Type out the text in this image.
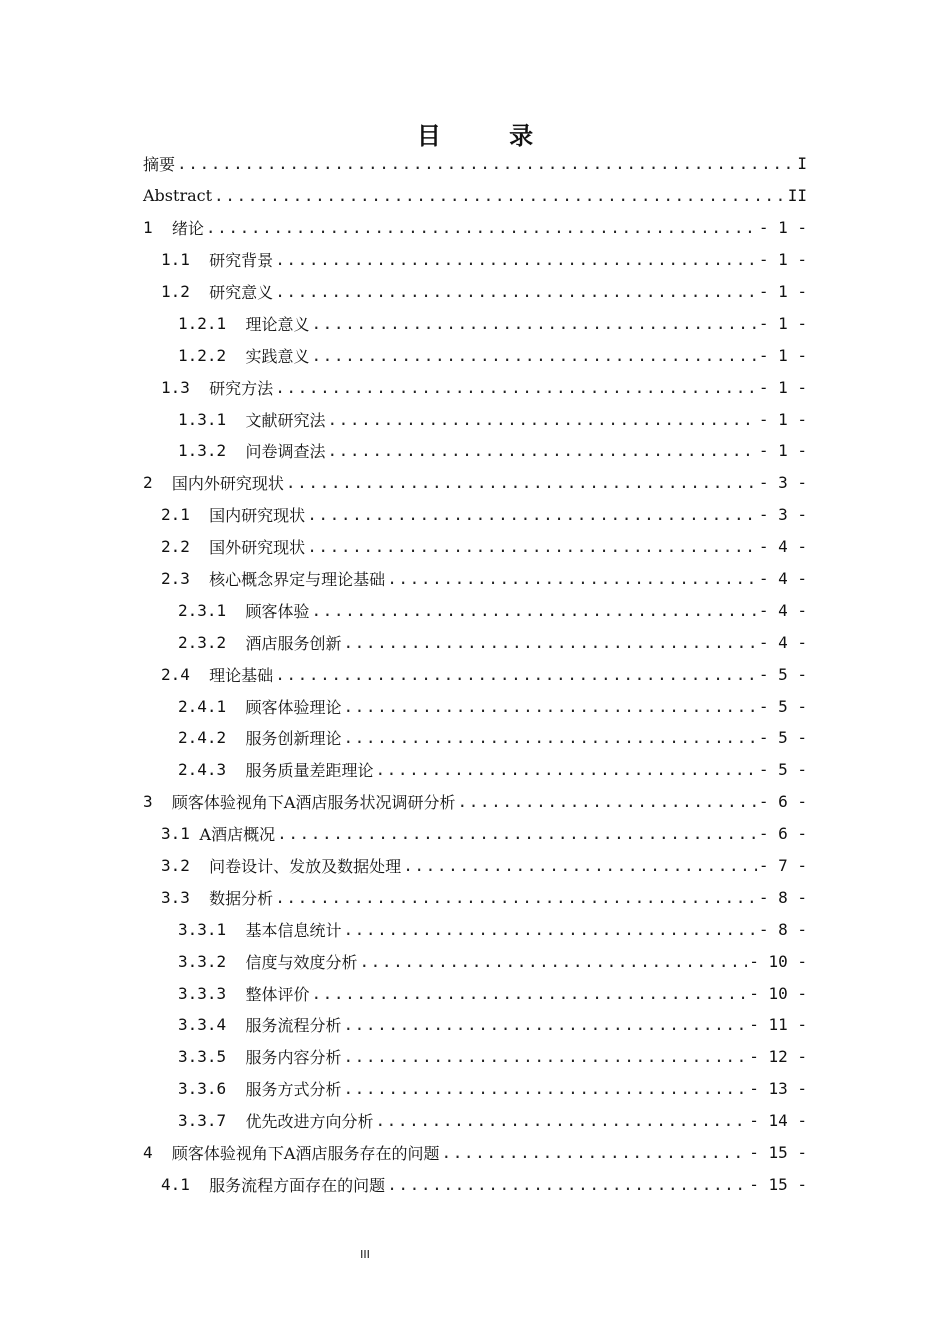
目 录
摘要 .....	I
Abstract .....	II
1 绪论 .....	- 1 -
1.1 研究背景 .....	- 1 -
1.2 研究意义 .....	- 1 -
1.2.1 理论意义 .....	- 1 -
1.2.2 实践意义 .....	- 1 -
1.3 研究方法 .....	- 1 -
1.3.1 文献研究法 .....	- 1 -
1.3.2 问卷调查法 .....	- 1 -
2 国内外研究现状 .....	- 3 -
2.1 国内研究现状 .....	- 3 -
2.2 国外研究现状 .....	- 4 -
2.3 核心概念界定与理论基础 .....	- 4 -
2.3.1 顾客体验 .....	- 4 -
2.3.2 酒店服务创新 .....	- 4 -
2.4 理论基础 .....	- 5 -
2.4.1 顾客体验理论 .....	- 5 -
2.4.2 服务创新理论 .....	- 5 -
2.4.3 服务质量差距理论 .....	- 5 -
3 顾客体验视角下A酒店服务状况调研分析 .....	- 6 -
3.1 A酒店概况 .....	- 6 -
3.2 问卷设计、发放及数据处理 .....	- 7 -
3.3 数据分析 .....	- 8 -
3.3.1 基本信息统计 .....	- 8 -
3.3.2 信度与效度分析 .....	- 10 -
3.3.3 整体评价 .....	- 10 -
3.3.4 服务流程分析 .....	- 11 -
3.3.5 服务内容分析 .....	- 12 -
3.3.6 服务方式分析 .....	- 13 -
3.3.7 优先改进方向分析 .....	- 14 -
4 顾客体验视角下A酒店服务存在的问题 .....	- 15 -
4.1 服务流程方面存在的问题 .....	- 15 -
III
